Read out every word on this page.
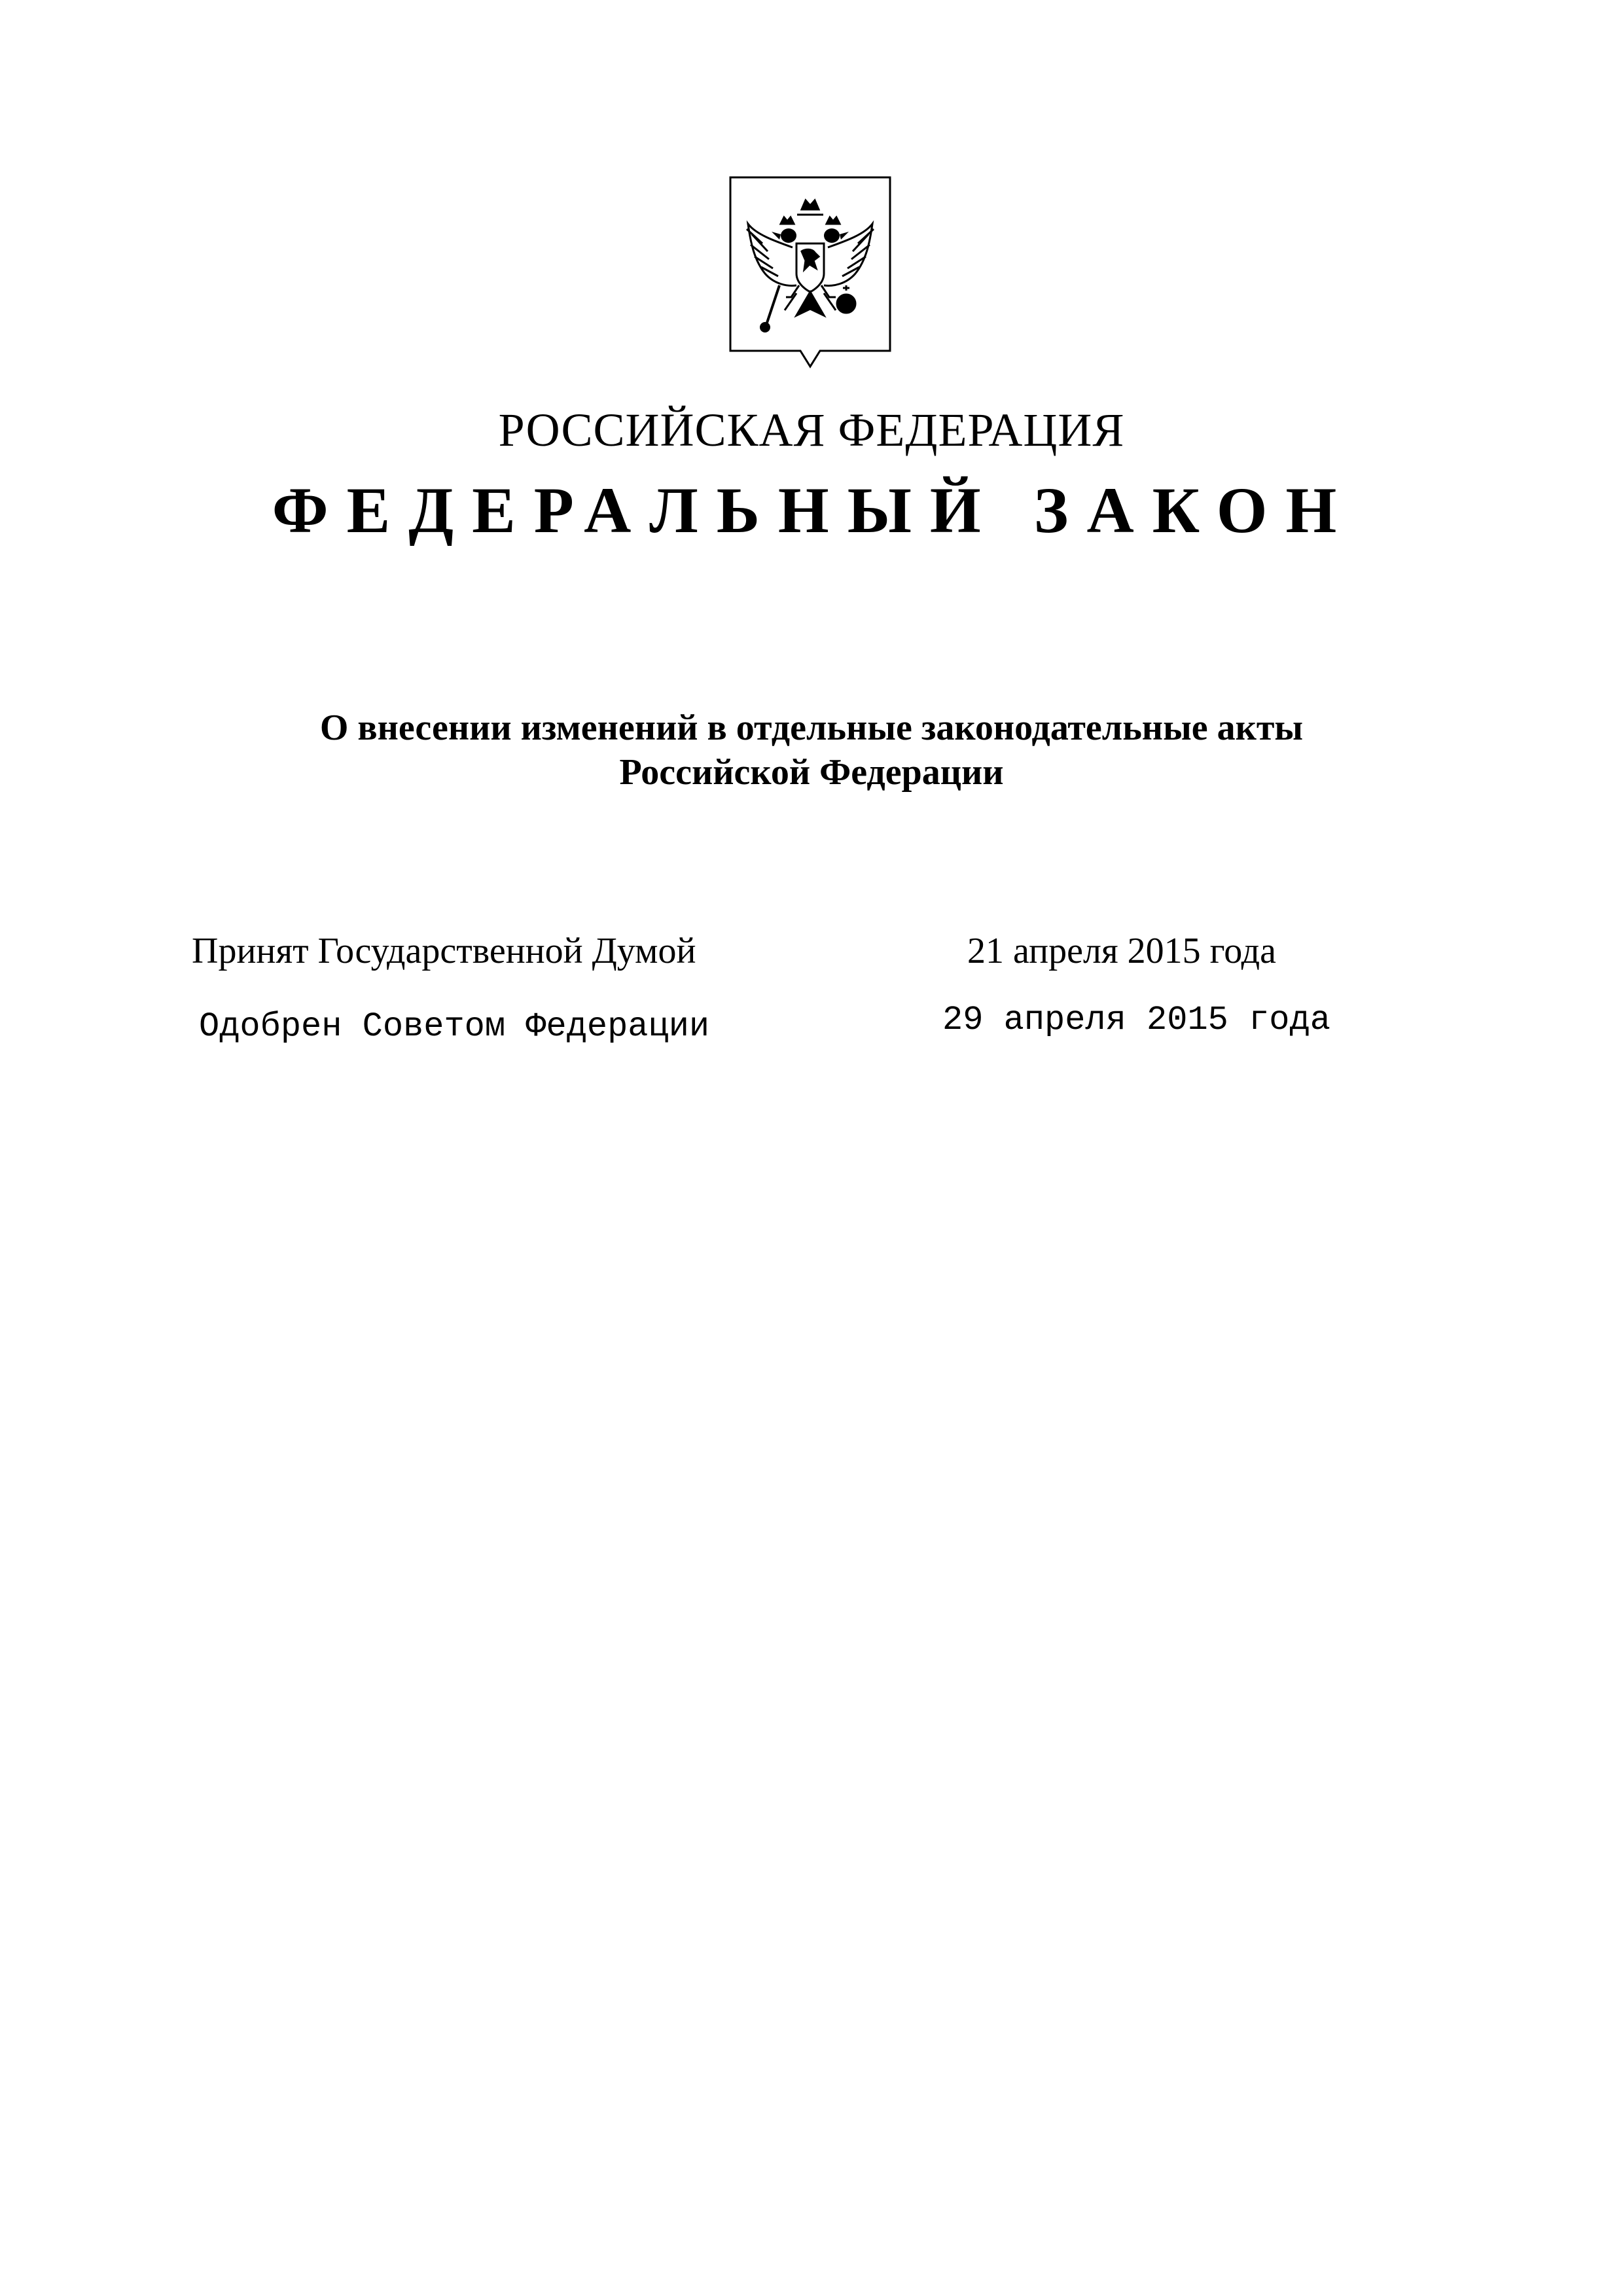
РОССИЙСКАЯ ФЕДЕРАЦИЯ
ФЕДЕРАЛЬНЫЙ ЗАКОН
О внесении изменений в отдельные законодательные акты
Российской Федерации
Принят Государственной Думой	21 апреля 2015 года
Одобрен Советом Федерации	29 апреля 2015 года
